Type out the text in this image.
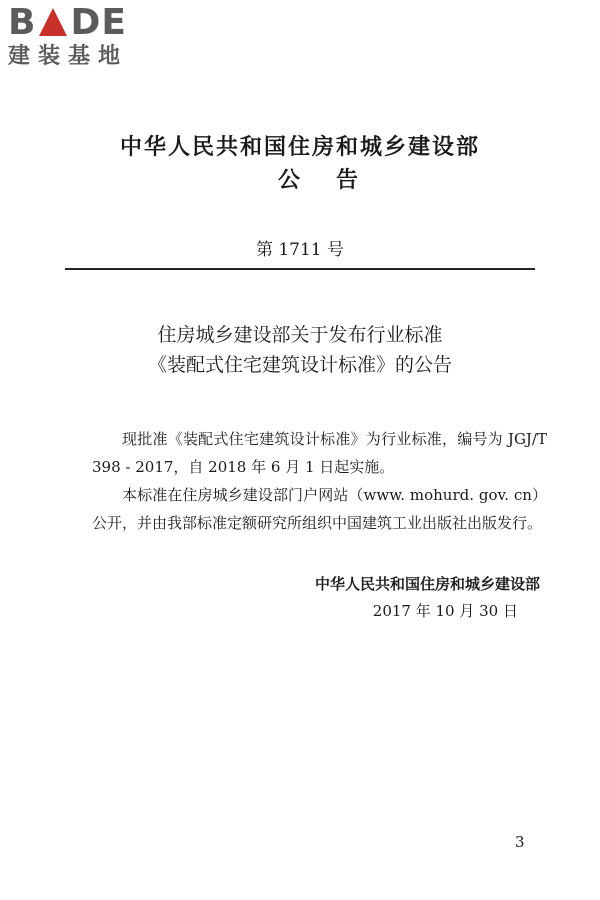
B DE
建装基地
中华人民共和国住房和城乡建设部
公告
第 1711 号
住房城乡建设部关于发布行业标准
《装配式住宅建筑设计标准》的公告

现批准《装配式住宅建筑设计标准》为行业标准，编号为 JGJ/T 398 - 2017，自 2018 年 6 月 1 日起实施。

本标准在住房城乡建设部门户网站（www. mohurd. gov. cn）公开，并由我部标准定额研究所组织中国建筑工业出版社出版发行。

中华人民共和国住房和城乡建设部
2017 年 10 月 30 日
3
